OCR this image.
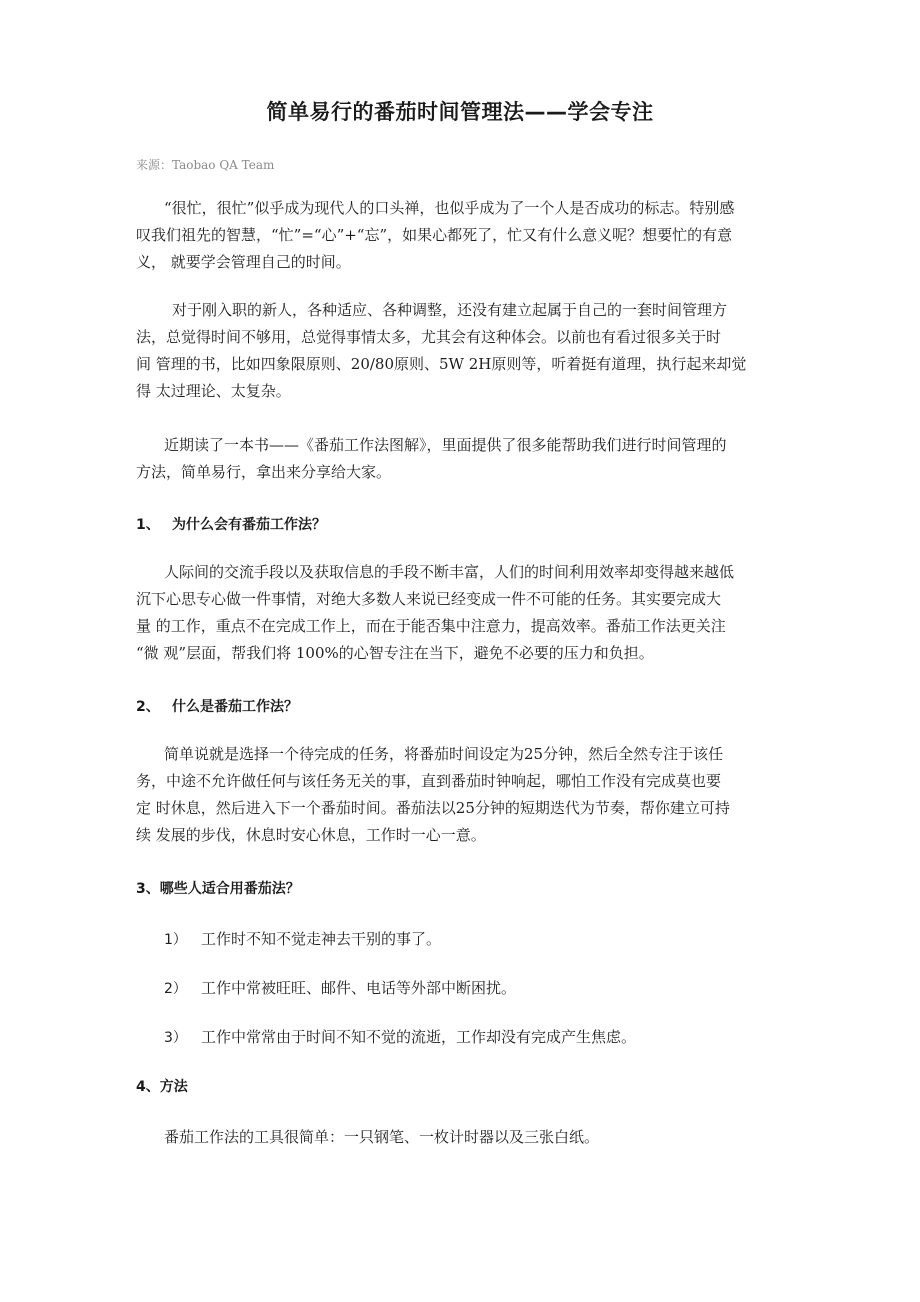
简单易行的番茄时间管理法——学会专注

来源：Taobao QA Team

“很忙，很忙”似乎成为现代人的口头禅，也似乎成为了一个人是否成功的标志。特别感
叹我们祖先的智慧，“忙”=“心”+“忘”，如果心都死了，忙又有什么意义呢？想要忙的有意
义， 就要学会管理自己的时间。
对于刚入职的新人，各种适应、各种调整，还没有建立起属于自己的一套时间管理方
法，总觉得时间不够用，总觉得事情太多，尤其会有这种体会。以前也有看过很多关于时
间 管理的书，比如四象限原则、20/80原则、5W 2H原则等，听着挺有道理，执行起来却觉
得 太过理论、太复杂。
近期读了一本书——《番茄工作法图解》，里面提供了很多能帮助我们进行时间管理的
方法，简单易行，拿出来分享给大家。

1、 为什么会有番茄工作法？

人际间的交流手段以及获取信息的手段不断丰富，人们的时间利用效率却变得越来越低
沉下心思专心做一件事情，对绝大多数人来说已经变成一件不可能的任务。其实要完成大
量 的工作，重点不在完成工作上，而在于能否集中注意力，提高效率。番茄工作法更关注
“微 观”层面，帮我们将 100%的心智专注在当下，避免不必要的压力和负担。

2、 什么是番茄工作法？

简单说就是选择一个待完成的任务，将番茄时间设定为25分钟，然后全然专注于该任
务，中途不允许做任何与该任务无关的事，直到番茄时钟响起，哪怕工作没有完成莫也要
定 时休息，然后进入下一个番茄时间。番茄法以25分钟的短期迭代为节奏，帮你建立可持
续 发展的步伐，休息时安心休息，工作时一心一意。

3、哪些人适合用番茄法？

1） 工作时不知不觉走神去干别的事了。

2） 工作中常被旺旺、邮件、电话等外部中断困扰。

3） 工作中常常由于时间不知不觉的流逝，工作却没有完成产生焦虑。

4、方法

番茄工作法的工具很简单：一只钢笔、一枚计时器以及三张白纸。
